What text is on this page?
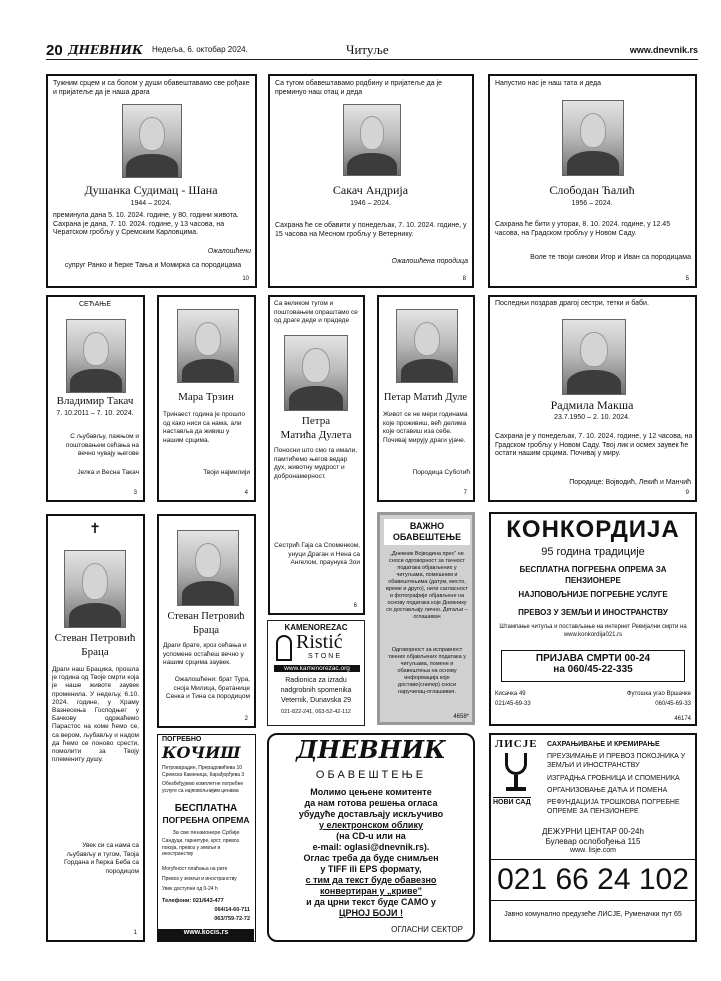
20 ДНЕВНИК Недеља, 6. октобар 2024.	Читуље	www.dnevnik.rs
Тужним срцем и са болом у души обавештавамо све рођаке и пријатеље да је наша драга
Душанка Судимац - Шана
1944 – 2024.
преминула дана 5. 10. 2024. године, у 80. години живота. Сахрана је дана, 7. 10. 2024. године, у 13 часова, на Чератском гробљу у Сремским Карловцима.
Ожалошћени
супруг Ранко и ћерке Тања и Момирка са породицама
10
Са тугом обавештавамо родбину и пријатеље да је преминуо наш отац и деда
Сакач Андрија
1946 – 2024.
Сахрана ће се обавити у понедељак, 7. 10. 2024. године, у 15 часова на Месном гробљу у Ветернику.
Ожалошћена породица
8
Напустио нас је наш тата и деда
Слободан Ћалић
1956 – 2024.
Сахрана ће бити у уторак, 8. 10. 2024. године, у 12.45 часова, на Градском гробљу у Новом Саду.
Воле те твоји синови Игор и Иван са породицама
5
СЕЋАЊЕ
Владимир Такач
7. 10.2011 – 7. 10. 2024.
С љубављу, пажњом и поштовањем сећања на вечно чувају његове
Јелка и Весна Такач
3
Мара Трзин
Тринаест година је прошло од како ниси са нама, али наставља да живиш у нашим срцима.
Твоји најмилији
4
Са великом тугом и поштовањем опраштамо се од драге деде и прадеде
Петра
Матића Дулета
Поносни што смо га имали, памтићемо његов ведар дух, животну мудрост и добронамерност.
Сестрић Гаја са Споменком, унуци Драган и Нена са Ангелом, праунука Зои
6
Петар Матић Дуле
Живот се не мери годинама које проживиш, већ делима које оставиш иза себе. Почивај мирују драги ујаче.
Породица Суботић
7
Последњи поздрав драгој сестри, тетки и баби.
Радмила Макша
23.7.1950 – 2. 10. 2024.
Сахрана је у понедељак, 7. 10. 2024. године, у 12 часова, на Градском гробљу у Новом Саду. Твој лик и осмех заувек ће остати нашим срцима. Почивај у миру.
Породице: Војводић, Лекић и Манчић
9
✝
Стеван Петровић
Браца
Драги наш Брацика, прошла је година од Твоје смрти која је наше животе заувек променила. У недељу, 6.10. 2024. године, у Храму Вазнесења Господњег у Бачкову одржаћемо Парастос на коме ћемо се, са вером, љубављу и надом да ћемо се поново срести, помолити за Твоју племениту душу.
Увек си са нама са љубављу и тугом, Твоја Гордана и ћерка Беба са породицом
1
Стеван Петровић
Браца
Драги брате, кроз сећања и успомене остаћеш вечно у нашим срцима заувек.
Ожалошћени: брат Тура, сноја Милица, братанице Сенка и Тина са породицом
2
ВАЖНО ОБАВЕШТЕЊЕ
„Дневник Војводина прес” не сноси одговорност за тачност података објављених у читуљама, помешним и обавештењима (датум, место, време и друго), нити сагласност и фотографије објављене на основу података које Дневнику се достављају лично. Детаљи – оглашивач
Одговорност за исправност тачних објављених података у читуљама, помене и обавештења на основу информација које доставе(снипер) сноси наручилац-оглашивач.
4658*
КОНКОРДИЈА
95 година традиције
БЕСПЛАТНА ПОГРЕБНА ОПРЕМА ЗА ПЕНЗИОНЕРЕ
НАЈПОВОЉНИЈЕ ПОГРЕБНЕ УСЛУГЕ
ПРЕВОЗ У ЗЕМЉИ И ИНОСТРАНСТВУ
Штампање читуља и постављање на интернет Ревијални смрти на www.konkordija021.rs
ПРИЈАВА СМРТИ 00-24
на 060/45-22-335
Кисачка 49
021/45-69-33
Футошка угао Вршачке
060/45-69-33
46174
KAMENOREZAC
Ristić
STONE
www.kamenorezac.org
Radionica za izradu
nadgrobnih spomenika
Veternik, Dunavska 29
021-822-241, 063-52-42-112
ПОГРЕБНО
КОЧИШ
Петроварадин, Прерадовићева 10 Сремска Каменица, Карађорђева 3
Обезбеђујемо комплетне погребне услуге са најповољнијим ценама
БЕСПЛАТНА
ПОГРЕБНА ОПРЕМА
За све пензионере Србије
Сандуци, гарнитуре, крст, превоз покоја, превоз у земљи и иностранству
Могућност плаћања на рате
Превоз у земљи и иностранству
Увек доступни од 0-24 h
Телефони: 021/643-477
064/14-60-711
063/759-72-72
www.kocis.rs
ДНЕВНИК
ОБАВЕШТЕЊЕ
Молимо цењене комитенте
да нам готова решења огласа
убудуће достављају искључиво
у електронском облику
(на CD-u или на
e-mail: oglasi@dnevnik.rs).
Оглас треба да буде снимљен
у TIFF ili EPS формату,
с тим да текст буде обавезно
конвертиран у „криве”
и да црни текст буде САМО у
ЦРНОЈ БОЈИ !
ОГЛАСНИ СЕКТОР
ЛИСЈЕ
НОВИ САД
САХРАЊИВАЊЕ И КРЕМИРАЊЕ
ПРЕУЗИМАЊЕ И ПРЕВОЗ ПОКОЈНИКА У ЗЕМЉИ И ИНОСТРАНСТВУ
ИЗГРАДЊА ГРОБНИЦА И СПОМЕНИКА
ОРГАНИЗОВАЊЕ ДАЋА И ПОМЕНА
РЕФУНДАЦИЈА ТРОШКОВА ПОГРЕБНЕ ОПРЕМЕ ЗА ПЕНЗИОНЕРЕ
ДЕЖУРНИ ЦЕНТАР 00-24h
Булевар ослобођења 115
www. lisje.com
021 66 24 102
Јавно комунално предузеће ЛИСЈЕ, Руменачки пут 65
